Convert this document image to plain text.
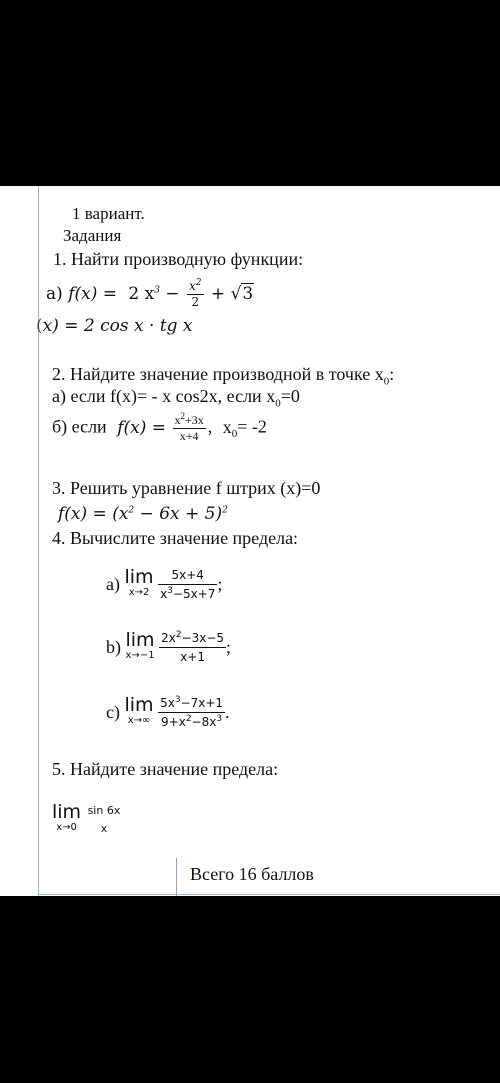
1 вариант.
Задания
1. Найти производную функции:
а) f(x) = 2 $x^3 - \frac{x^2}{2} + √3$
(x) = 2 cos x · tg x
2. Найдите значение производной в точке $x_0$:
а) если f(x)= - x cos2x, если $x_0=0$
б) если $f(x) = \frac{x^2+3x}{x+4}$ , $x_0= -2$
3. Решить уравнение f штрих (x)=0
$f(x) = (x^2 - 6x + 5)^2$
4. Вычислите значение предела:
a) lim
x→2
$\frac{5x+4}{x^3-5x+7}$ ;
b) lim
x→−1
$\frac{2x^2-3x-5}{x+1}$ ;
c) lim
x→∞
$\frac{5x^3-7x+1}{9+x^2-8x^3}$ .
5. Найдите значение предела:
lim
x→0

sin 6x
x
Всего 16 баллов
